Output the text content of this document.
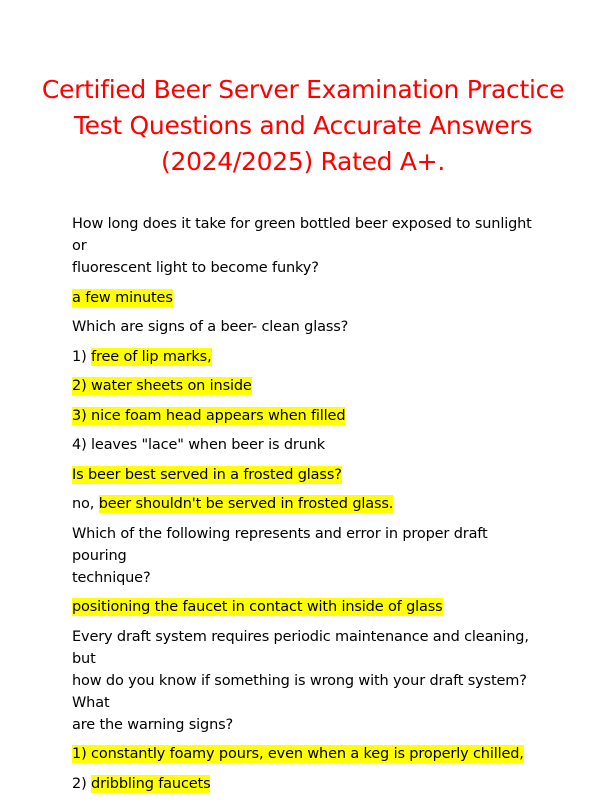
Certified Beer Server Examination Practice
Test Questions and Accurate Answers
(2024/2025) Rated A+.

How long does it take for green bottled beer exposed to sunlight or
fluorescent light to become funky?

a few minutes

Which are signs of a beer- clean glass?

1) free of lip marks,

2) water sheets on inside

3) nice foam head appears when filled

4) leaves "lace" when beer is drunk

Is beer best served in a frosted glass?

no, beer shouldn't be served in frosted glass.

Which of the following represents and error in proper draft pouring
technique?

positioning the faucet in contact with inside of glass

Every draft system requires periodic maintenance and cleaning, but
how do you know if something is wrong with your draft system? What
are the warning signs?

1) constantly foamy pours, even when a keg is properly chilled,

2) dribbling faucets
